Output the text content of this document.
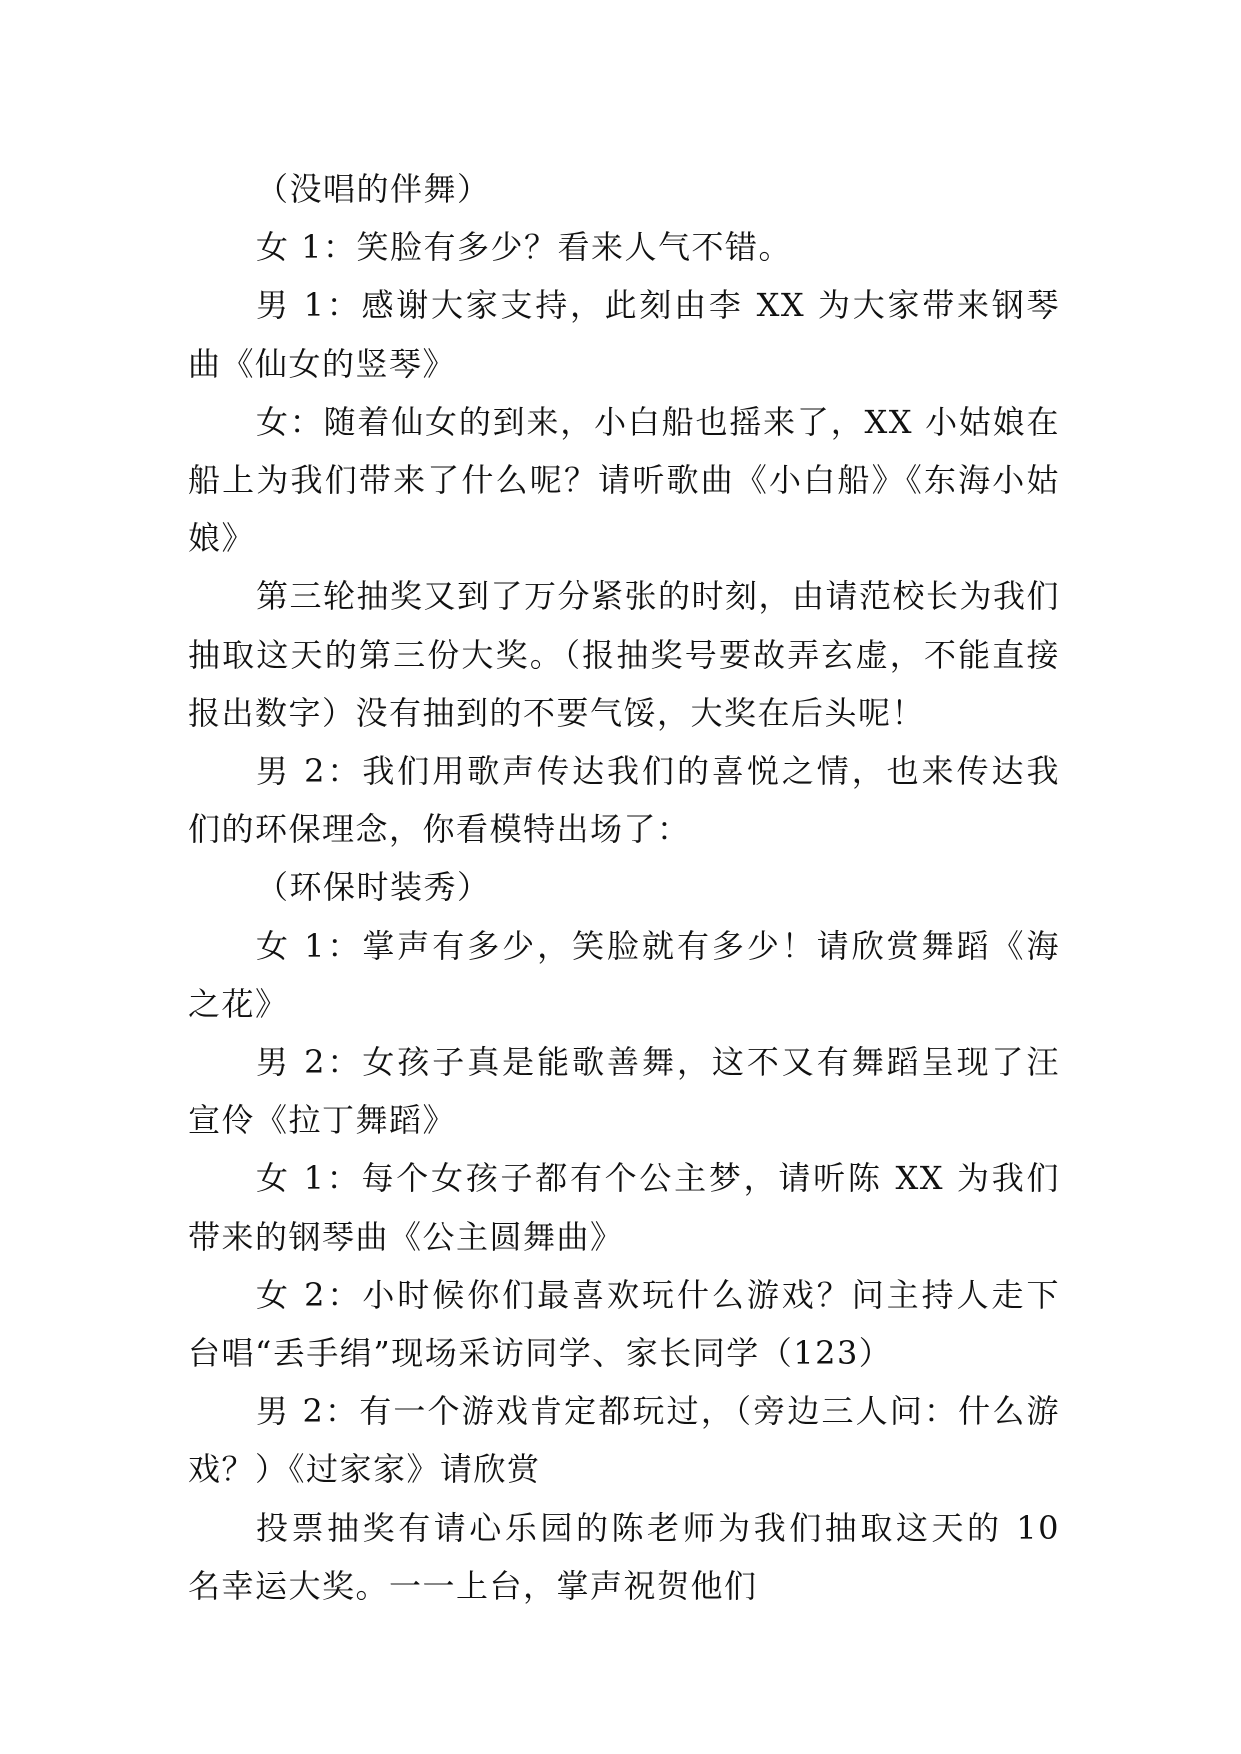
（没唱的伴舞）

女 1：笑脸有多少？看来人气不错。

男 1：感谢大家支持，此刻由李 XX 为大家带来钢琴曲《仙女的竖琴》

女：随着仙女的到来，小白船也摇来了，XX 小姑娘在船上为我们带来了什么呢？请听歌曲《小白船》《东海小姑娘》

第三轮抽奖又到了万分紧张的时刻，由请范校长为我们抽取这天的第三份大奖。（报抽奖号要故弄玄虚，不能直接报出数字）没有抽到的不要气馁，大奖在后头呢！

男 2：我们用歌声传达我们的喜悦之情，也来传达我们的环保理念，你看模特出场了：

（环保时装秀）

女 1：掌声有多少，笑脸就有多少！请欣赏舞蹈《海之花》

男 2：女孩子真是能歌善舞，这不又有舞蹈呈现了汪宣伶《拉丁舞蹈》

女 1：每个女孩子都有个公主梦，请听陈 XX 为我们带来的钢琴曲《公主圆舞曲》

女 2：小时候你们最喜欢玩什么游戏？问主持人走下台唱“丢手绢”现场采访同学、家长同学（123）

男 2：有一个游戏肯定都玩过，（旁边三人问：什么游戏？）《过家家》请欣赏

投票抽奖有请心乐园的陈老师为我们抽取这天的 10 名幸运大奖。一一上台，掌声祝贺他们
